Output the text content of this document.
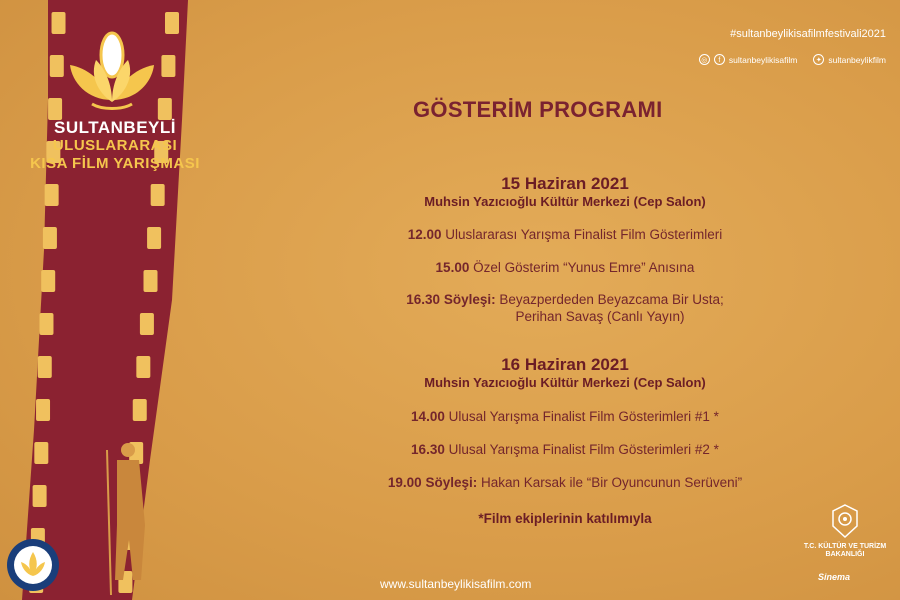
SULTANBEYLİ
ULUSLARARASI
KISA FİLM YARIŞMASI
#sultanbeylikisafilmfestivali2021
◎	f	sultanbeylikisafilm	✦ sultanbeylikfilm
GÖSTERİM PROGRAMI
15 Haziran 2021
Muhsin Yazıcıoğlu Kültür Merkezi (Cep Salon)
12.00 Uluslararası Yarışma Finalist Film Gösterimleri
15.00 Özel Gösterim “Yunus Emre” Anısına
16.30 Söyleşi: Beyazperdeden Beyazcama Bir Usta;
Perihan Savaş (Canlı Yayın)
16 Haziran 2021
Muhsin Yazıcıoğlu Kültür Merkezi (Cep Salon)
14.00 Ulusal Yarışma Finalist Film Gösterimleri #1 *
16.30 Ulusal Yarışma Finalist Film Gösterimleri #2 *
19.00 Söyleşi: Hakan Karsak ile “Bir Oyuncunun Serüveni”
*Film ekiplerinin katılımıyla
www.sultanbeylikisafilm.com
T.C. KÜLTÜR VE TURİZM
BAKANLIĞI
Sinema
